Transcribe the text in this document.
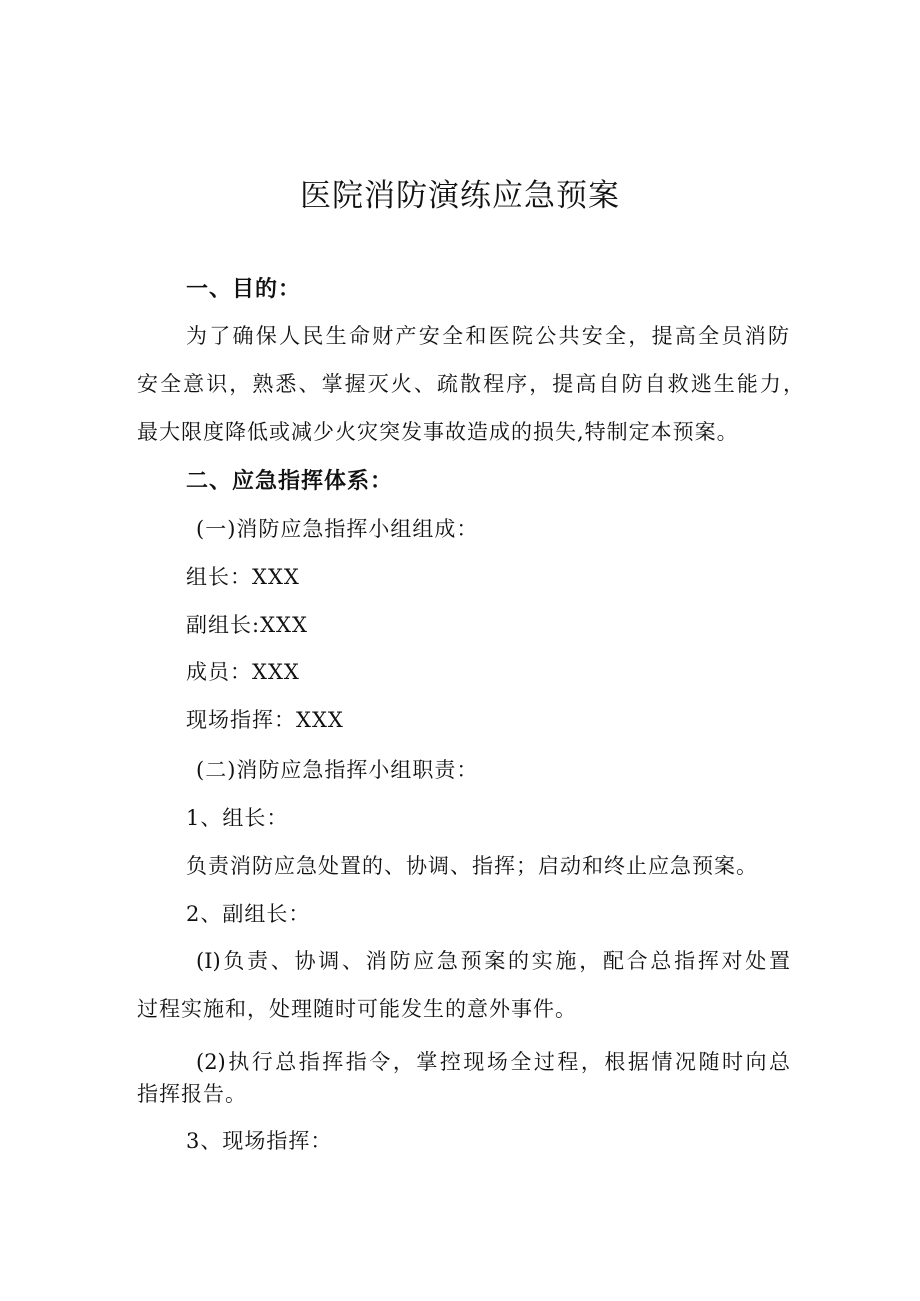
医院消防演练应急预案
一、目的：
为了确保人民生命财产安全和医院公共安全，提高全员消防
安全意识，熟悉、掌握灭火、疏散程序，提高自防自救逃生能力，
最大限度降低或减少火灾突发事故造成的损失,特制定本预案。
二、应急指挥体系：
(一)消防应急指挥小组组成：
组长：XXX
副组长:XXX
成员：XXX
现场指挥：XXX
(二)消防应急指挥小组职责：
1、组长：
负责消防应急处置的、协调、指挥；启动和终止应急预案。
2、副组长：
(I)负责、协调、消防应急预案的实施，配合总指挥对处置
过程实施和，处理随时可能发生的意外事件。
(2)执行总指挥指令，掌控现场全过程，根据情况随时向总
指挥报告。
3、现场指挥：
